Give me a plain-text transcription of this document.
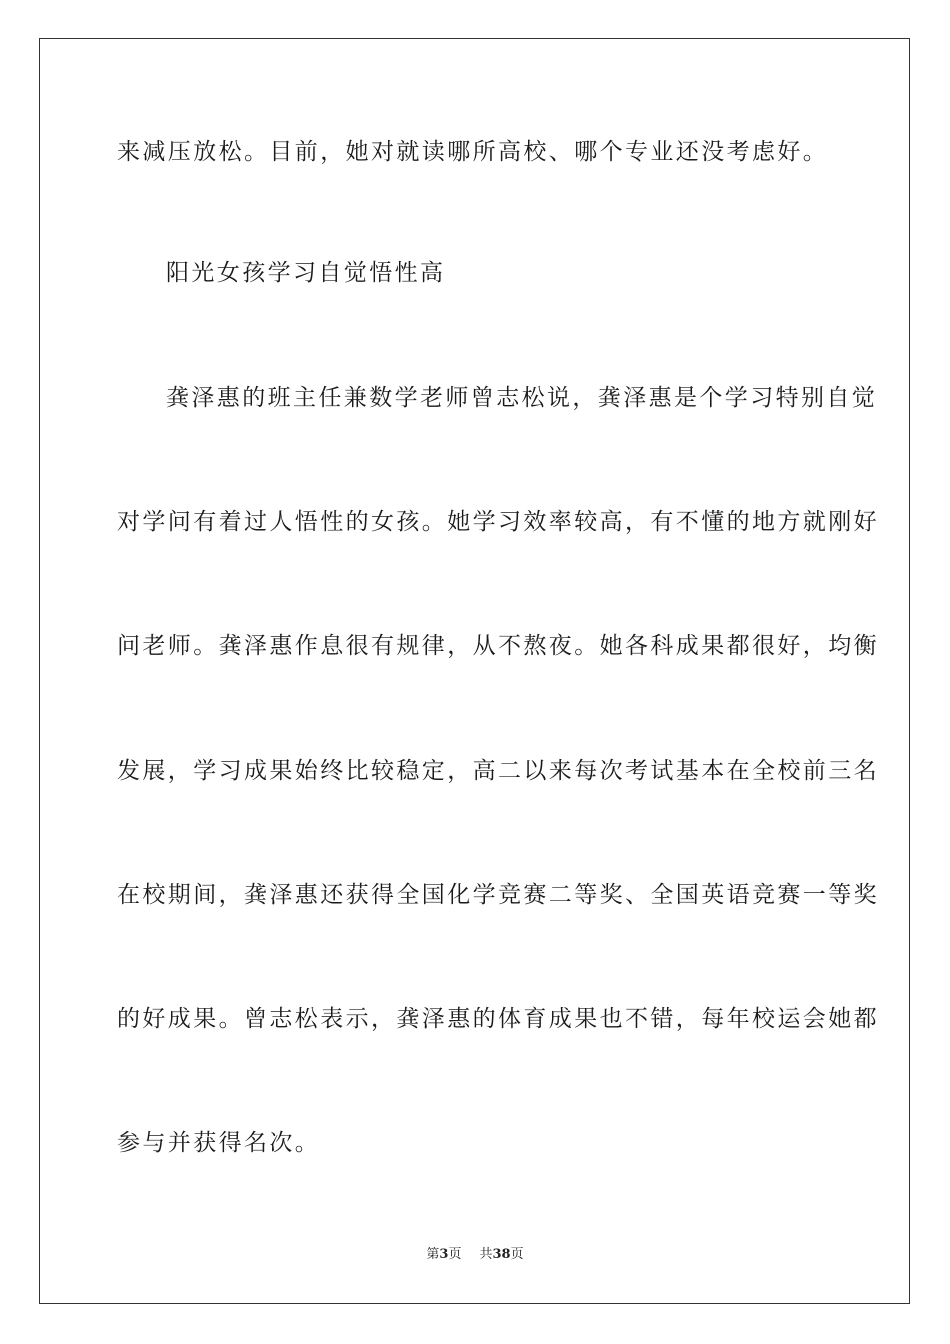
来减压放松。目前，她对就读哪所高校、哪个专业还没考虑好。
阳光女孩学习自觉悟性高
龚泽惠的班主任兼数学老师曾志松说，龚泽惠是个学习特别自觉
对学问有着过人悟性的女孩。她学习效率较高，有不懂的地方就刚好
问老师。龚泽惠作息很有规律，从不熬夜。她各科成果都很好，均衡
发展，学习成果始终比较稳定，高二以来每次考试基本在全校前三名
在校期间，龚泽惠还获得全国化学竞赛二等奖、全国英语竞赛一等奖
的好成果。曾志松表示，龚泽惠的体育成果也不错，每年校运会她都
参与并获得名次。
第3页 共38页
